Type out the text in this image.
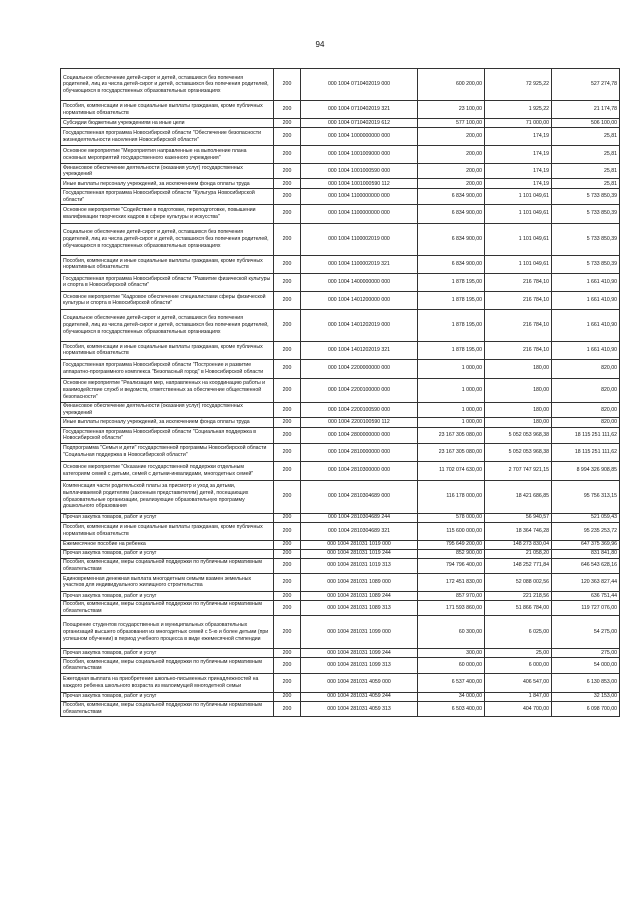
94
Социальное обеспечение детей-сирот и детей, оставшихся без попечения родителей, лиц из числа детей-сирот и детей, оставшихся без попечения родителей, обучающихся в государственных образовательных организациях	200	000 1004 0710402019 000	600 200,00	72 925,22	527 274,78
Пособия, компенсации и иные социальные выплаты гражданам, кроме публичных нормативных обязательств	200	000 1004 0710402019 321	23 100,00	1 925,22	21 174,78
Субсидии бюджетным учреждениям на иные цели	200	000 1004 0710402019 612	577 100,00	71 000,00	506 100,00
Государственная программа Новосибирской области "Обеспечение безопасности жизнедеятельности населения Новосибирской области"	200	000 1004 1000000000 000	200,00	174,19	25,81
Основное мероприятие "Мероприятия направленные на выполнение плана основных мероприятий государственного казенного учреждения"	200	000 1004 1001009000 000	200,00	174,19	25,81
Финансовое обеспечение деятельности (оказания услуг) государственных учреждений	200	000 1004 1001000590 000	200,00	174,19	25,81
Иные выплаты персоналу учреждений, за исключением фонда оплаты труда	200	000 1004 1001000590 112	200,00	174,19	25,81
Государственная программа Новосибирской области "Культура Новосибирской области"	200	000 1004 1100000000 000	6 834 900,00	1 101 049,61	5 733 850,39
Основное мероприятие "Содействие в подготовке, переподготовке, повышении квалификации творческих кадров в сфере культуры и искусства"	200	000 1004 1100000000 000	6 834 900,00	1 101 049,61	5 733 850,39
Социальное обеспечение детей-сирот и детей, оставшихся без попечения родителей, лиц из числа детей-сирот и детей, оставшихся без попечения родителей, обучающихся в государственных образовательных организациях	200	000 1004 1100002019 000	6 834 900,00	1 101 049,61	5 733 850,39
Пособия, компенсации и иные социальные выплаты гражданам, кроме публичных нормативных обязательств	200	000 1004 1100002019 321	6 834 900,00	1 101 049,61	5 733 850,39
Государственная программа Новосибирской области "Развитие физической культуры и спорта в Новосибирской области"	200	000 1004 1400000000 000	1 878 195,00	216 784,10	1 661 410,90
Основное мероприятие "Кадровое обеспечение специалистами сферы физической культуры и спорта в Новосибирской области"	200	000 1004 1401200000 000	1 878 195,00	216 784,10	1 661 410,90
Социальное обеспечение детей-сирот и детей, оставшихся без попечения родителей, лиц из числа детей-сирот и детей, оставшихся без попечения родителей, обучающихся в государственных образовательных организациях	200	000 1004 1401202019 000	1 878 195,00	216 784,10	1 661 410,90
Пособия, компенсации и иные социальные выплаты гражданам, кроме публичных нормативных обязательств	200	000 1004 1401202019 321	1 878 195,00	216 784,10	1 661 410,90
Государственная программа Новосибирской области "Построение и развитие аппаратно-программного комплекса "Безопасный город" в Новосибирской области	200	000 1004 2200000000 000	1 000,00	180,00	820,00
Основное мероприятие "Реализация мер, направленных на координацию работы и взаимодействие служб и ведомств, ответственных за обеспечение общественной безопасности"	200	000 1004 2200100000 000	1 000,00	180,00	820,00
Финансовое обеспечение деятельности (оказания услуг) государственных учреждений	200	000 1004 2200100590 000	1 000,00	180,00	820,00
Иные выплаты персоналу учреждений, за исключением фонда оплаты труда	200	000 1004 2200100590 112	1 000,00	180,00	820,00
Государственная программа Новосибирской области "Социальная поддержка в Новосибирской области"	200	000 1004 2800000000 000	23 167 305 080,00	5 052 053 968,38	18 115 251 111,62
Подпрограмма "Семья и дети" государственной программы Новосибирской области "Социальная поддержка в Новосибирской области"	200	000 1004 2810000000 000	23 167 305 080,00	5 052 053 968,38	18 115 251 111,62
Основное мероприятие "Оказание государственной поддержки отдельным категориям семей с детьми, семей с детьми-инвалидами, многодетных семей"	200	000 1004 2810300000 000	11 702 074 630,00	2 707 747 921,15	8 994 326 908,85
Компенсация части родительской платы за присмотр и уход за детьми, выплачиваемой родителям (законным представителям) детей, посещающих образовательные организации, реализующие образовательную программу дошкольного образования	200	000 1004 2810304689 000	116 178 000,00	18 421 686,85	95 756 313,15
Прочая закупка товаров, работ и услуг	200	000 1004 2810304689 244	578 000,00	56 940,57	521 059,43
Пособия, компенсации и иные социальные выплаты гражданам, кроме публичных нормативных обязательств	200	000 1004 2810304689 321	115 600 000,00	18 364 746,28	95 235 253,72
Ежемесячное пособие на ребенка	200	000 1004 281031 1019 000	795 649 200,00	148 273 830,04	647 375 369,96
Прочая закупка товаров, работ и услуг	200	000 1004 281031 1019 244	852 900,00	21 058,20	831 841,80
Пособия, компенсации, меры социальной поддержки по публичным нормативным обязательствам	200	000 1004 281031 1019 313	794 796 400,00	148 252 771,84	646 543 628,16
Единовременная денежная выплата многодетным семьям взамен земельных участков для индивидуального жилищного строительства	200	000 1004 281031 1089 000	172 451 830,00	52 088 002,56	120 363 827,44
Прочая закупка товаров, работ и услуг	200	000 1004 281031 1089 244	857 970,00	221 218,56	636 751,44
Пособия, компенсации, меры социальной поддержки по публичным нормативным обязательствам	200	000 1004 281031 1089 313	171 593 860,00	51 866 784,00	119 727 076,00
Поощрение студентов государственных и муниципальных образовательных организаций высшего образования из многодетных семей с 5-ю и более детьми (при успешном обучении) в период учебного процесса в виде ежемесячной стипендии	200	000 1004 281031 1099 000	60 300,00	6 025,00	54 275,00
Прочая закупка товаров, работ и услуг	200	000 1004 281031 1099 244	300,00	25,00	275,00
Пособия, компенсации, меры социальной поддержки по публичным нормативным обязательствам	200	000 1004 281031 1099 313	60 000,00	6 000,00	54 000,00
Ежегодная выплата на приобретение школьно-письменных принадлежностей на каждого ребенка школьного возраста из малоимущей многодетной семьи	200	000 1004 281031 4059 000	6 537 400,00	406 547,00	6 130 853,00
Прочая закупка товаров, работ и услуг	200	000 1004 281031 4059 244	34 000,00	1 847,00	32 153,00
Пособия, компенсации, меры социальной поддержки по публичным нормативным обязательствам	200	000 1004 281031 4059 313	6 503 400,00	404 700,00	6 098 700,00
